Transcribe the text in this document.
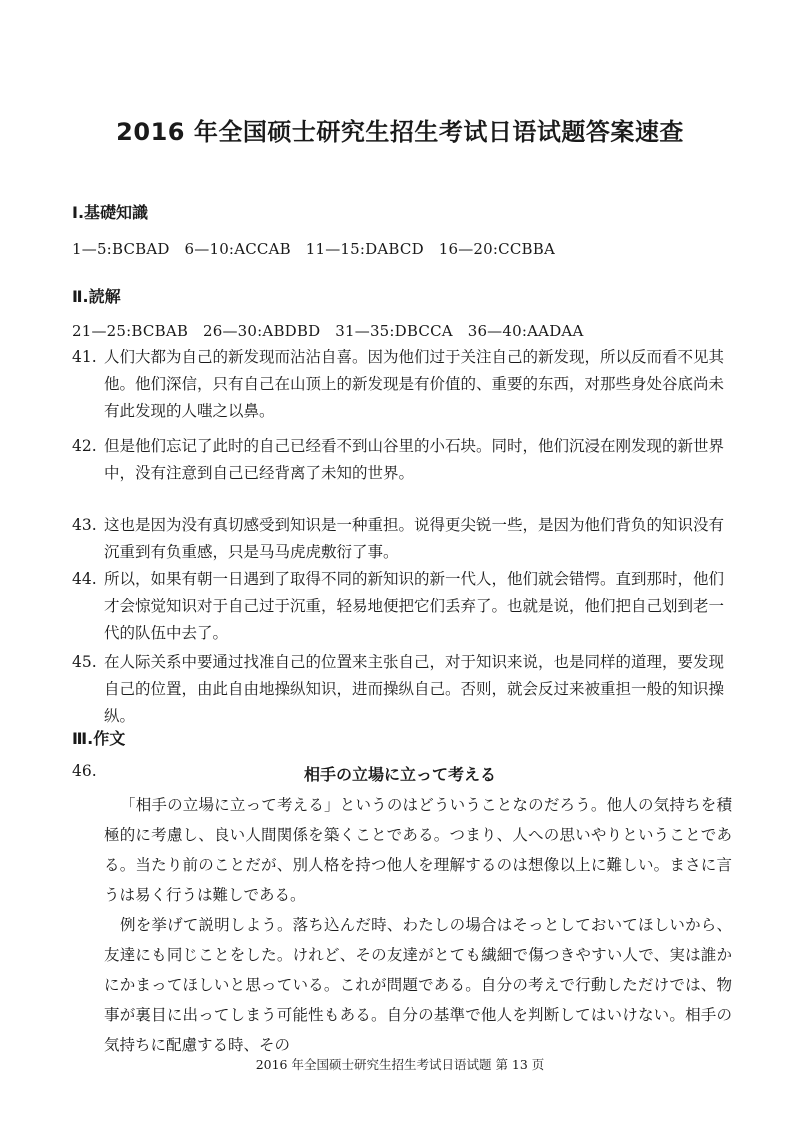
2016 年全国硕士研究生招生考试日语试题答案速查
Ⅰ.基礎知識
1—5:BCBAD   6—10:ACCAB   11—15:DABCD   16—20:CCBBA
Ⅱ.読解
21—25:BCBAB   26—30:ABDBD   31—35:DBCCA   36—40:AADAA
41. 人们大都为自己的新发现而沾沾自喜。因为他们过于关注自己的新发现，所以反而看不见其他。他们深信，只有自己在山顶上的新发现是有价值的、重要的东西，对那些身处谷底尚未有此发现的人嗤之以鼻。
42. 但是他们忘记了此时的自己已经看不到山谷里的小石块。同时，他们沉浸在刚发现的新世界中，没有注意到自己已经背离了未知的世界。
43. 这也是因为没有真切感受到知识是一种重担。说得更尖锐一些，是因为他们背负的知识没有沉重到有负重感，只是马马虎虎敷衍了事。
44. 所以，如果有朝一日遇到了取得不同的新知识的新一代人，他们就会错愕。直到那时，他们才会惊觉知识对于自己过于沉重，轻易地便把它们丢弃了。也就是说，他们把自己划到老一代的队伍中去了。
45. 在人际关系中要通过找准自己的位置来主张自己，对于知识来说，也是同样的道理，要发现自己的位置，由此自由地操纵知识，进而操纵自己。否则，就会反过来被重担一般的知识操纵。
Ⅲ.作文
46.	相手の立場に立って考える
「相手の立場に立って考える」というのはどういうことなのだろう。他人の気持ちを積極的に考慮し、良い人間関係を築くことである。つまり、人への思いやりということである。当たり前のことだが、別人格を持つ他人を理解するのは想像以上に難しい。まさに言うは易く行うは難しである。
例を挙げて説明しよう。落ち込んだ時、わたしの場合はそっとしておいてほしいから、友達にも同じことをした。けれど、その友達がとても繊細で傷つきやすい人で、実は誰かにかまってほしいと思っている。これが問題である。自分の考えで行動しただけでは、物事が裏目に出ってしまう可能性もある。自分の基準で他人を判断してはいけない。相手の気持ちに配慮する時、その
2016 年全国硕士研究生招生考试日语试题 第 13 页
